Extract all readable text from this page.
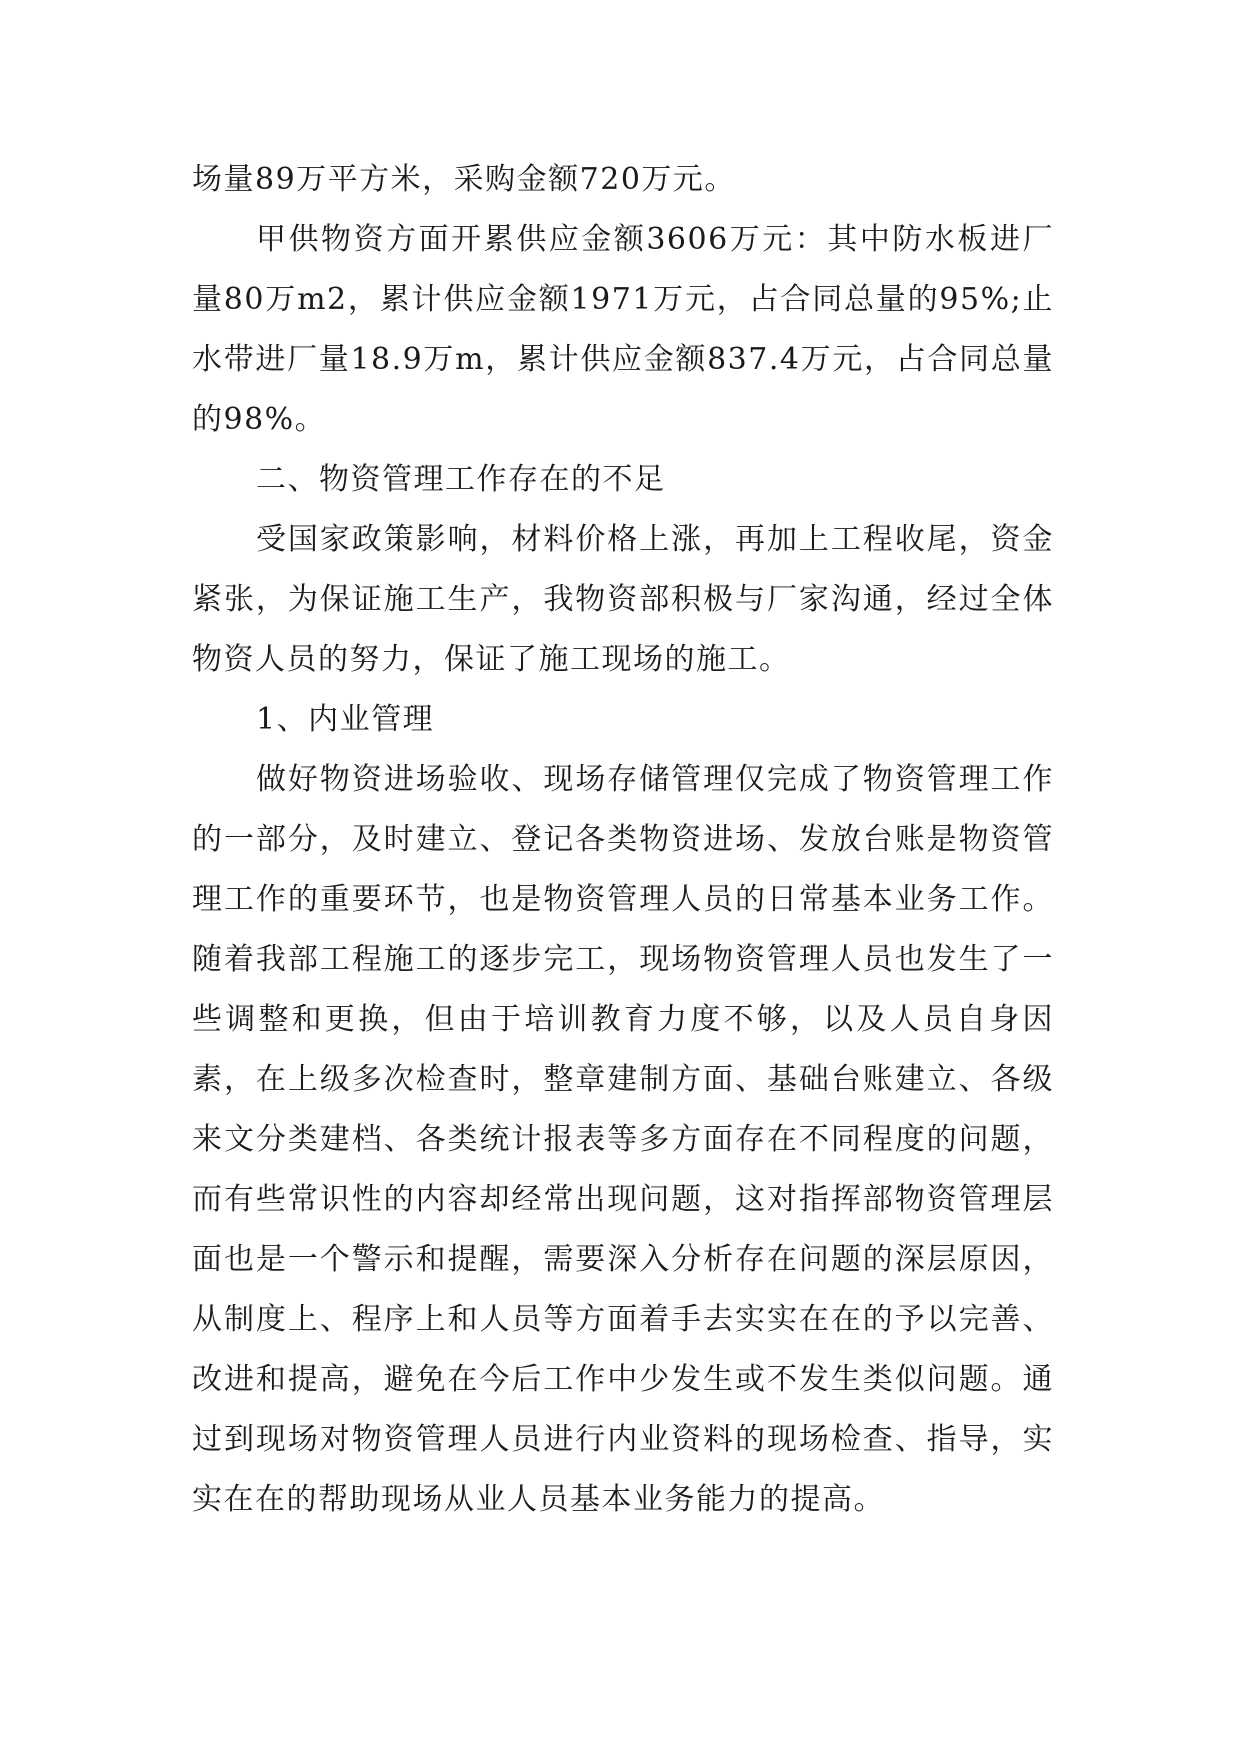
场量89万平方米，采购金额720万元。

甲供物资方面开累供应金额3606万元：其中防水板进厂量80万m2，累计供应金额1971万元，占合同总量的95%;止水带进厂量18.9万m，累计供应金额837.4万元，占合同总量的98%。

二、物资管理工作存在的不足

受国家政策影响，材料价格上涨，再加上工程收尾，资金紧张，为保证施工生产，我物资部积极与厂家沟通，经过全体物资人员的努力，保证了施工现场的施工。

1、内业管理

做好物资进场验收、现场存储管理仅完成了物资管理工作的一部分，及时建立、登记各类物资进场、发放台账是物资管理工作的重要环节，也是物资管理人员的日常基本业务工作。随着我部工程施工的逐步完工，现场物资管理人员也发生了一些调整和更换，但由于培训教育力度不够，以及人员自身因素，在上级多次检查时，整章建制方面、基础台账建立、各级来文分类建档、各类统计报表等多方面存在不同程度的问题，而有些常识性的内容却经常出现问题，这对指挥部物资管理层面也是一个警示和提醒，需要深入分析存在问题的深层原因，从制度上、程序上和人员等方面着手去实实在在的予以完善、改进和提高，避免在今后工作中少发生或不发生类似问题。通过到现场对物资管理人员进行内业资料的现场检查、指导，实实在在的帮助现场从业人员基本业务能力的提高。
